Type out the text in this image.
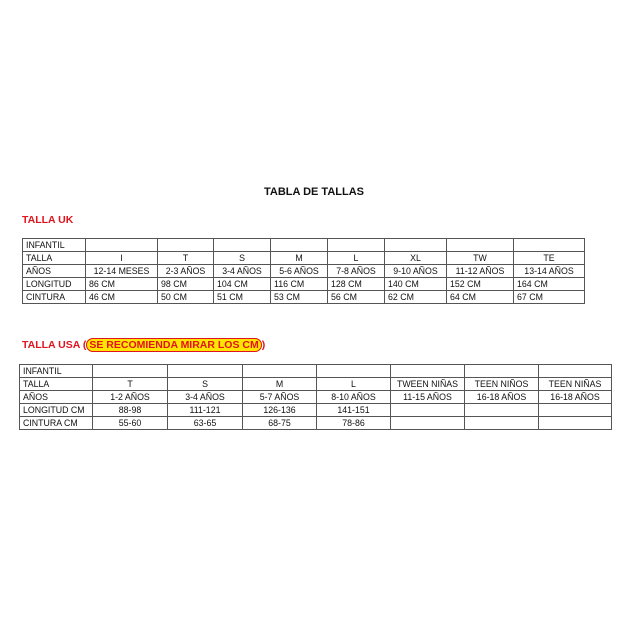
TABLA DE TALLAS
TALLA UK
INFANTIL								
TALLA	I	T	S	M	L	XL	TW	TE
AÑOS	12-14 MESES	2-3 AÑOS	3-4 AÑOS	5-6 AÑOS	7-8 AÑOS	9-10 AÑOS	11-12 AÑOS	13-14 AÑOS
LONGITUD	86 CM	98 CM	104 CM	116 CM	128 CM	140 CM	152 CM	164 CM
CINTURA	46 CM	50 CM	51 CM	53 CM	56 CM	62 CM	64 CM	67 CM
TALLA USA ( SE RECOMIENDA MIRAR LOS CM )
INFANTIL							
TALLA	T	S	M	L	TWEEN NIÑAS	TEEN NIÑOS	TEEN NIÑAS
AÑOS	1-2 AÑOS	3-4 AÑOS	5-7 AÑOS	8-10 AÑOS	11-15 AÑOS	16-18 AÑOS	16-18 AÑOS
LONGITUD CM	88-98	111-121	126-136	141-151			
CINTURA CM	55-60	63-65	68-75	78-86			
